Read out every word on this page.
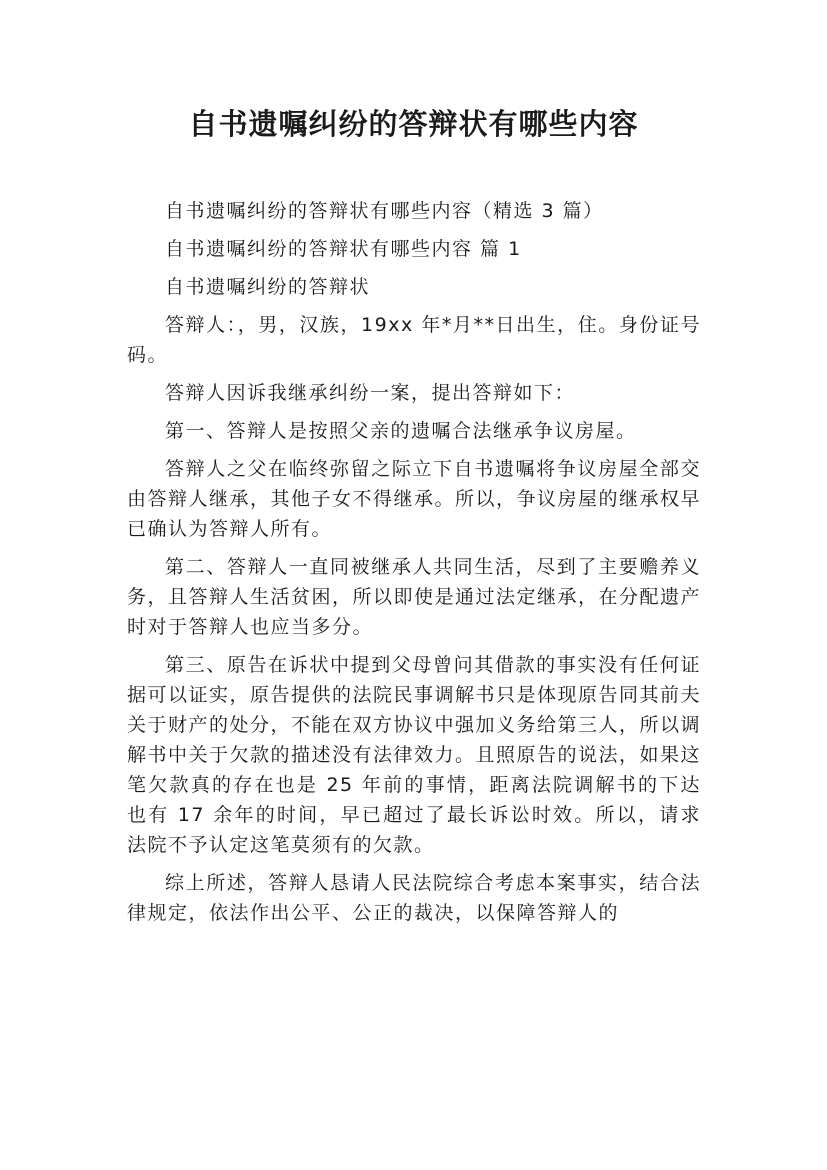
自书遗嘱纠纷的答辩状有哪些内容

自书遗嘱纠纷的答辩状有哪些内容（精选 3 篇）

自书遗嘱纠纷的答辩状有哪些内容 篇 1

自书遗嘱纠纷的答辩状

答辩人：，男，汉族，19xx 年*月**日出生，住。身份证号码。

答辩人因诉我继承纠纷一案，提出答辩如下：

第一、答辩人是按照父亲的遗嘱合法继承争议房屋。

答辩人之父在临终弥留之际立下自书遗嘱将争议房屋全部交由答辩人继承，其他子女不得继承。所以，争议房屋的继承权早已确认为答辩人所有。

第二、答辩人一直同被继承人共同生活，尽到了主要赡养义务，且答辩人生活贫困，所以即使是通过法定继承，在分配遗产时对于答辩人也应当多分。

第三、原告在诉状中提到父母曾问其借款的事实没有任何证据可以证实，原告提供的法院民事调解书只是体现原告同其前夫关于财产的处分，不能在双方协议中强加义务给第三人，所以调解书中关于欠款的描述没有法律效力。且照原告的说法，如果这笔欠款真的存在也是 25 年前的事情，距离法院调解书的下达也有 17 余年的时间，早已超过了最长诉讼时效。所以，请求法院不予认定这笔莫须有的欠款。

综上所述，答辩人恳请人民法院综合考虑本案事实，结合法律规定，依法作出公平、公正的裁决，以保障答辩人的
